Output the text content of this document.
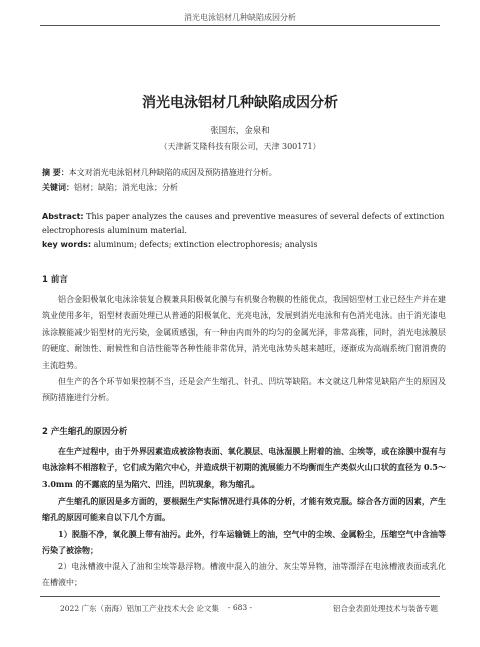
消光电泳铝材几种缺陷成因分析
消光电泳铝材几种缺陷成因分析
张国东，金泉和
（天津新艾隆科技有限公司，天津 300171）
摘 要：本文对消光电泳铝材几种缺陷的成因及预防措施进行分析。
关键词：铝材；缺陷；消光电泳；分析
Abstract: This paper analyzes the causes and preventive measures of several defects of extinction electrophoresis aluminum material.
key words: aluminum; defects; extinction electrophoresis; analysis
1 前言
铝合金阳极氧化电泳涂装复合膜兼具阳极氧化膜与有机聚合物膜的性能优点，我国铝型材工业已经生产并在建筑业使用多年，铝型材表面处理已从普通的阳极氧化、光亮电泳，发展到消光电泳和有色消光电泳。由于消光漆电泳涂膜能减少铝型材的光污染，金属质感强，有一种由内而外的均匀的金属光泽，非常高雅，同时，消光电泳膜层的硬度、耐蚀性、耐候性和自洁性能等各种性能非常优异，消光电泳势头越来越旺，逐渐成为高端系统门窗消费的主流趋势。
但生产的各个环节如果控制不当，还是会产生缩孔、针孔、凹坑等缺陷。本文就这几种常见缺陷产生的原因及预防措施进行分析。
2 产生缩孔的原因分析
在生产过程中，由于外界因素造成被涂物表面、氧化膜层、电泳湿膜上附着的油、尘埃等，或在涂膜中混有与电泳涂料不相溶粒子，它们成为陷穴中心，并造成烘干初期的流展能力不均衡而生产类似火山口状的直径为 0.5～3.0mm 的不露底的呈为陷穴、凹洼，凹坑现象，称为缩孔。
产生缩孔的原因是多方面的，要根据生产实际情况进行具体的分析，才能有效克服。综合各方面的因素，产生缩孔的原因可能来自以下几个方面。
1）脱脂不净，氧化膜上带有油污。此外，行车运输链上的油，空气中的尘埃、金属粉尘，压缩空气中含油等污染了被涂物；
2）电泳槽液中混入了油和尘埃等悬浮物。槽液中混入的油分、灰尘等异物，油等漂浮在电泳槽液表面或乳化在槽液中；
2022 广东（南海）铝加工产业技术大会 论文集	- 683 -	铝合金表面处理技术与装备专题
